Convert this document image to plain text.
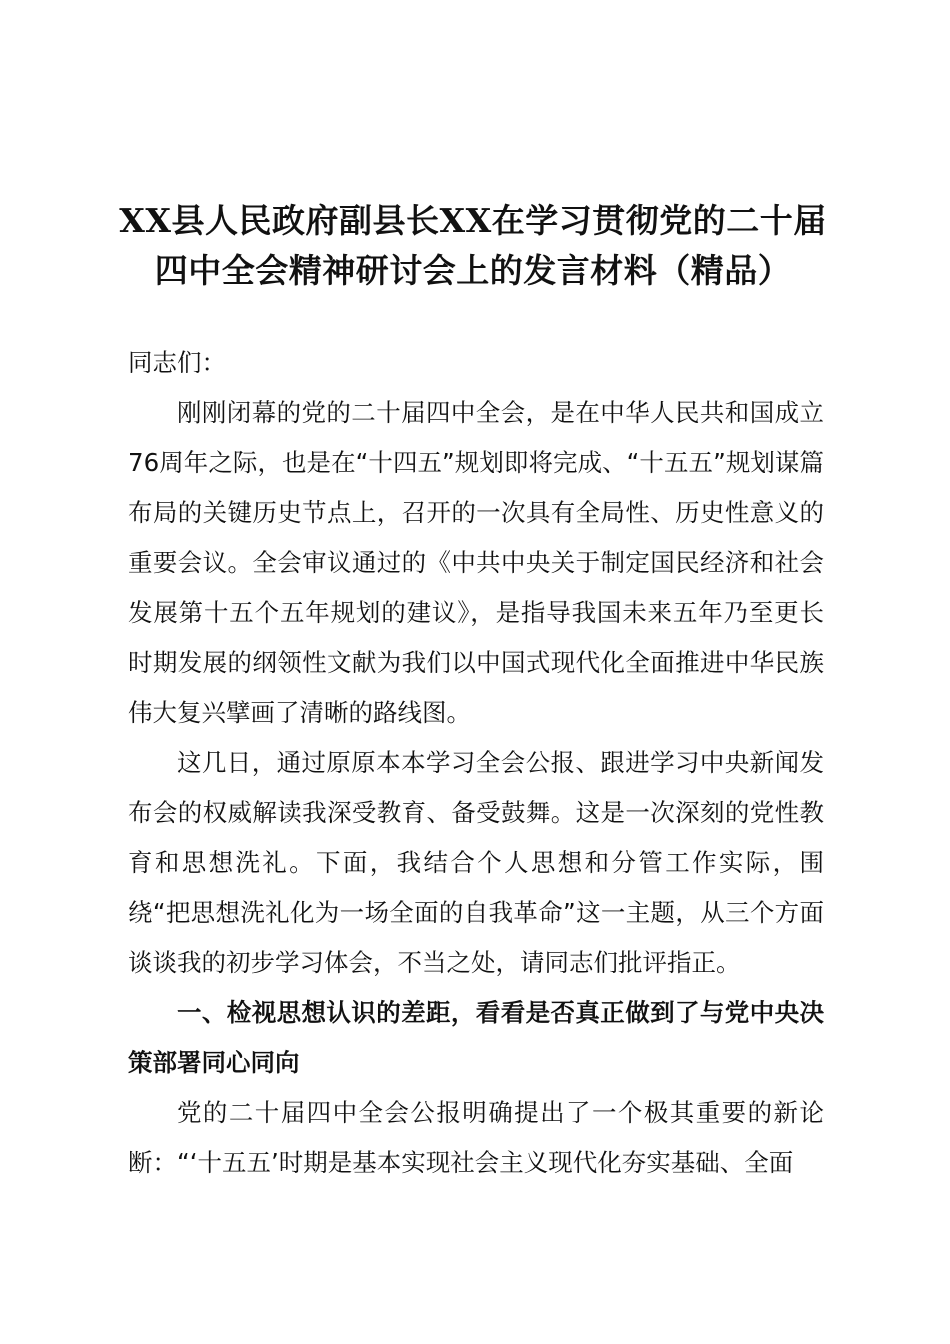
XX县人民政府副县长XX在学习贯彻党的二十届四中全会精神研讨会上的发言材料（精品）

同志们：

刚刚闭幕的党的二十届四中全会，是在中华人民共和国成立76周年之际，也是在“十四五”规划即将完成、“十五五”规划谋篇布局的关键历史节点上，召开的一次具有全局性、历史性意义的重要会议。全会审议通过的《中共中央关于制定国民经济和社会发展第十五个五年规划的建议》，是指导我国未来五年乃至更长时期发展的纲领性文献为我们以中国式现代化全面推进中华民族伟大复兴擘画了清晰的路线图。

这几日，通过原原本本学习全会公报、跟进学习中央新闻发布会的权威解读我深受教育、备受鼓舞。这是一次深刻的党性教育和思想洗礼。下面，我结合个人思想和分管工作实际，围绕“把思想洗礼化为一场全面的自我革命”这一主题，从三个方面谈谈我的初步学习体会，不当之处，请同志们批评指正。

一、检视思想认识的差距，看看是否真正做到了与党中央决策部署同心同向

党的二十届四中全会公报明确提出了一个极其重要的新论断：“‘十五五’时期是基本实现社会主义现代化夯实基础、全面
